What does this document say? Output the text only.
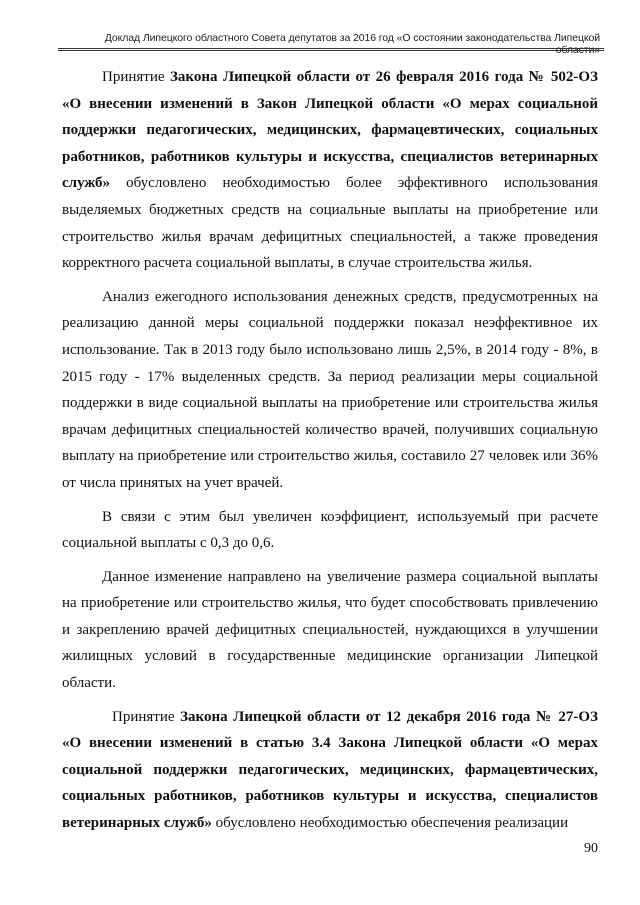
Доклад Липецкого областного Совета депутатов за 2016 год «О состоянии законодательства Липецкой области»

Принятие Закона Липецкой области от 26 февраля 2016 года № 502-ОЗ «О внесении изменений в Закон Липецкой области «О мерах социальной поддержки педагогических, медицинских, фармацевтических, социальных работников, работников культуры и искусства, специалистов ветеринарных служб» обусловлено необходимостью более эффективного использования выделяемых бюджетных средств на социальные выплаты на приобретение или строительство жилья врачам дефицитных специальностей, а также проведения корректного расчета социальной выплаты, в случае строительства жилья.

Анализ ежегодного использования денежных средств, предусмотренных на реализацию данной меры социальной поддержки показал неэффективное их использование. Так в 2013 году было использовано лишь 2,5%, в 2014 году - 8%, в 2015 году - 17% выделенных средств. За период реализации меры социальной поддержки в виде социальной выплаты на приобретение или строительства жилья врачам дефицитных специальностей количество врачей, получивших социальную выплату на приобретение или строительство жилья, составило 27 человек или 36% от числа принятых на учет врачей.

В связи с этим был увеличен коэффициент, используемый при расчете социальной выплаты с 0,3 до 0,6.

Данное изменение направлено на увеличение размера социальной выплаты на приобретение или строительство жилья, что будет способствовать привлечению и закреплению врачей дефицитных специальностей, нуждающихся в улучшении жилищных условий в государственные медицинские организации Липецкой области.

Принятие Закона Липецкой области от 12 декабря 2016 года № 27-ОЗ «О внесении изменений в статью 3.4 Закона Липецкой области «О мерах социальной поддержки педагогических, медицинских, фармацевтических, социальных работников, работников культуры и искусства, специалистов ветеринарных служб» обусловлено необходимостью обеспечения реализации

90
